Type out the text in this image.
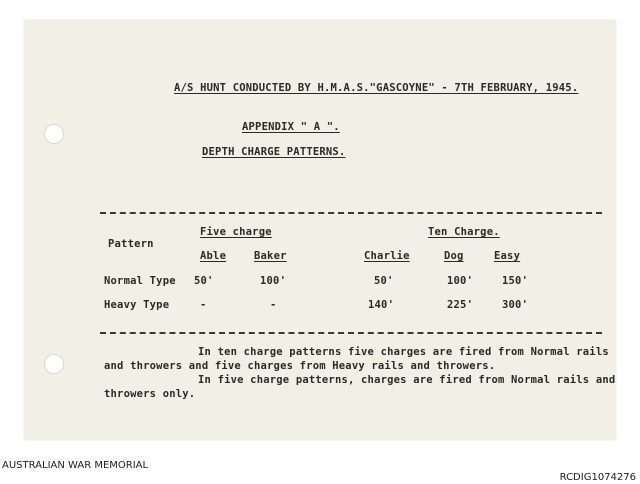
A/S HUNT CONDUCTED BY H.M.A.S."GASCOYNE" - 7TH FEBRUARY, 1945.
APPENDIX " A ".
DEPTH CHARGE PATTERNS.
Five charge	Ten Charge.
Pattern
Able	Baker	Charlie	Dog	Easy
Normal Type 50'	100'	50'	100'	150'
Heavy Type	-	-	140'	225'	300'
In ten charge patterns five charges are fired from Normal rails
and throwers and five charges from Heavy rails and throwers.
In five charge patterns, charges are fired from Normal rails and
throwers only.
AUSTRALIAN WAR MEMORIAL
RCDIG1074276
